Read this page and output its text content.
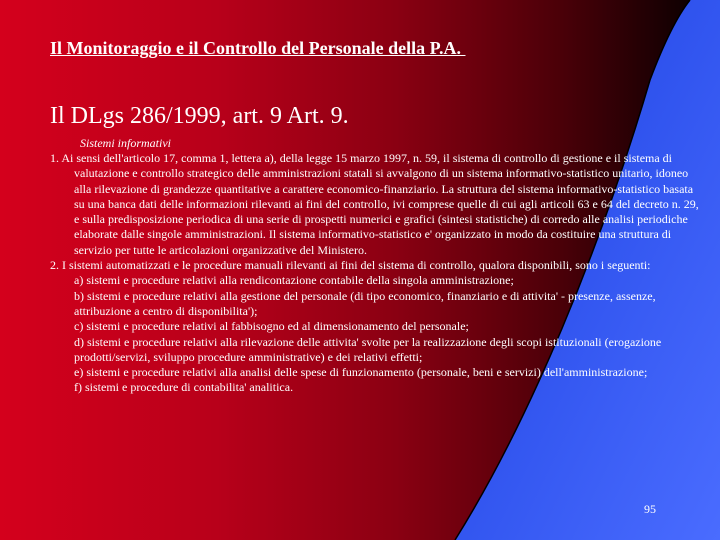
Il Monitoraggio e il Controllo del Personale della P.A.
Il DLgs 286/1999, art. 9 Art. 9.
Sistemi informativi
1. Ai sensi dell'articolo 17, comma 1, lettera a), della legge 15 marzo 1997, n. 59, il sistema di controllo di gestione e il sistema di valutazione e controllo strategico delle amministrazioni statali si avvalgono di un sistema informativo-statistico unitario, idoneo alla rilevazione di grandezze quantitative a carattere economico-finanziario. La struttura del sistema informativo-statistico basata su una banca dati delle informazioni rilevanti ai fini del controllo, ivi comprese quelle di cui agli articoli 63 e 64 del decreto n. 29, e sulla predisposizione periodica di una serie di prospetti numerici e grafici (sintesi statistiche) di corredo alle analisi periodiche elaborate dalle singole amministrazioni. Il sistema informativo-statistico e' organizzato in modo da costituire una struttura di servizio per tutte le articolazioni organizzative del Ministero.
2. I sistemi automatizzati e le procedure manuali rilevanti ai fini del sistema di controllo, qualora disponibili, sono i seguenti:
a) sistemi e procedure relativi alla rendicontazione contabile della singola amministrazione;
b) sistemi e procedure relativi alla gestione del personale (di tipo economico, finanziario e di attivita' - presenze, assenze, attribuzione a centro di disponibilita');
c) sistemi e procedure relativi al fabbisogno ed al dimensionamento del personale;
d) sistemi e procedure relativi alla rilevazione delle attivita' svolte per la realizzazione degli scopi istituzionali (erogazione prodotti/servizi, sviluppo procedure amministrative) e dei relativi effetti;
e) sistemi e procedure relativi alla analisi delle spese di funzionamento (personale, beni e servizi) dell'amministrazione;
f) sistemi e procedure di contabilita' analitica.
95
